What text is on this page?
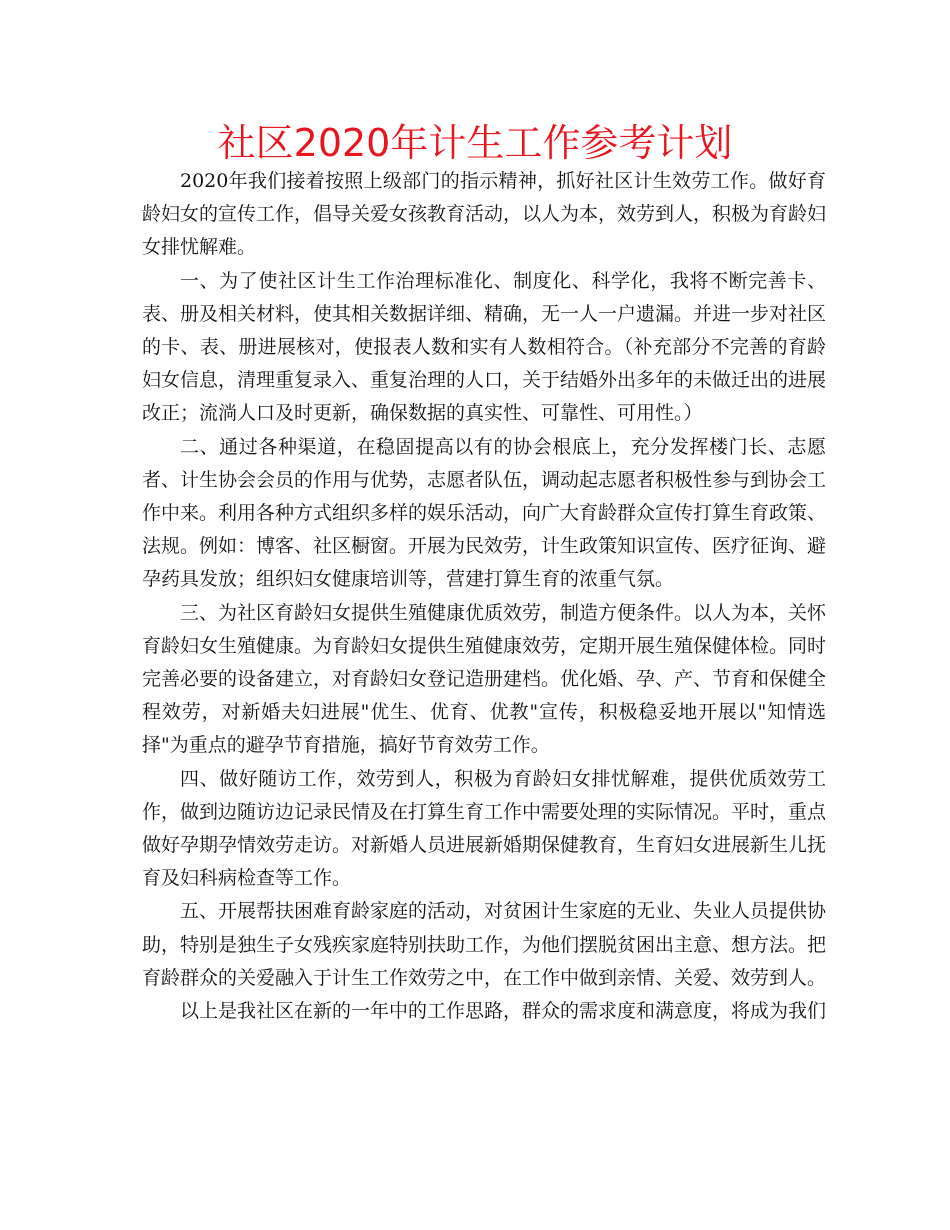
社区2020年计生工作参考计划

2020年我们接着按照上级部门的指示精神，抓好社区计生效劳工作。做好育龄妇女的宣传工作，倡导关爱女孩教育活动，以人为本，效劳到人，积极为育龄妇女排忧解难。

一、为了使社区计生工作治理标准化、制度化、科学化，我将不断完善卡、表、册及相关材料，使其相关数据详细、精确，无一人一户遗漏。并进一步对社区的卡、表、册进展核对，使报表人数和实有人数相符合。（补充部分不完善的育龄妇女信息，清理重复录入、重复治理的人口，关于结婚外出多年的未做迁出的进展改正；流淌人口及时更新，确保数据的真实性、可靠性、可用性。）

二、通过各种渠道，在稳固提高以有的协会根底上，充分发挥楼门长、志愿者、计生协会会员的作用与优势，志愿者队伍，调动起志愿者积极性参与到协会工作中来。利用各种方式组织多样的娱乐活动，向广大育龄群众宣传打算生育政策、法规。例如：博客、社区橱窗。开展为民效劳，计生政策知识宣传、医疗征询、避孕药具发放；组织妇女健康培训等，营建打算生育的浓重气氛。

三、为社区育龄妇女提供生殖健康优质效劳，制造方便条件。以人为本，关怀育龄妇女生殖健康。为育龄妇女提供生殖健康效劳，定期开展生殖保健体检。同时完善必要的设备建立，对育龄妇女登记造册建档。优化婚、孕、产、节育和保健全程效劳，对新婚夫妇进展"优生、优育、优教"宣传，积极稳妥地开展以"知情选择"为重点的避孕节育措施，搞好节育效劳工作。

四、做好随访工作，效劳到人，积极为育龄妇女排忧解难，提供优质效劳工作，做到边随访边记录民情及在打算生育工作中需要处理的实际情况。平时，重点做好孕期孕情效劳走访。对新婚人员进展新婚期保健教育，生育妇女进展新生儿抚育及妇科病检查等工作。

五、开展帮扶困难育龄家庭的活动，对贫困计生家庭的无业、失业人员提供协助，特别是独生子女残疾家庭特别扶助工作，为他们摆脱贫困出主意、想方法。把育龄群众的关爱融入于计生工作效劳之中，在工作中做到亲情、关爱、效劳到人。

以上是我社区在新的一年中的工作思路，群众的需求度和满意度，将成为我们
